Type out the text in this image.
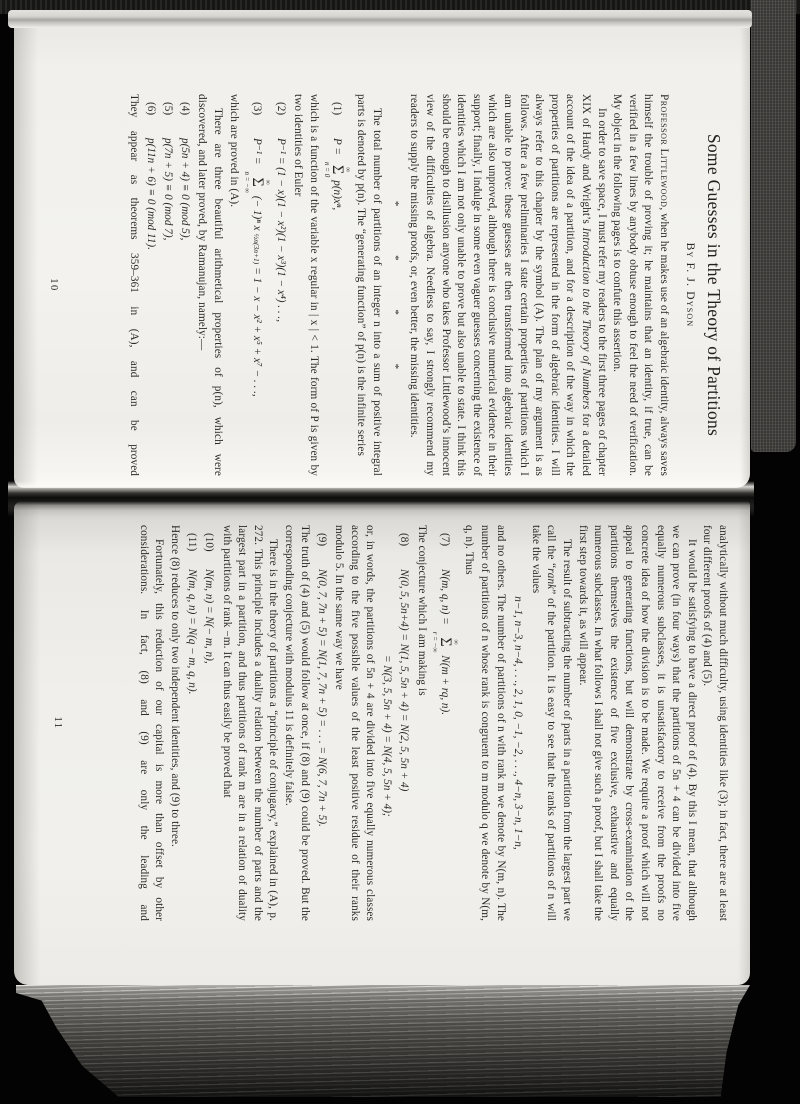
Some Guesses in the Theory of Partitions
By F. J. Dyson

Professor Littlewood, when he makes use of an algebraic identity, always saves himself the trouble of proving it; he maintains that an identity, if true, can be verified in a few lines by anybody obtuse enough to feel the need of verification. My object in the following pages is to confute this assertion.

In order to save space, I must refer my readers to the first three pages of chapter XIX of Hardy and Wright’s Introduction to the Theory of Numbers for a detailed account of the idea of a partition, and for a description of the way in which the properties of partitions are represented in the form of algebraic identities. I will always refer to this chapter by the symbol (A). The plan of my argument is as follows. After a few preliminaries I state certain properties of partitions which I am unable to prove: these guesses are then transformed into algebraic identities which are also unproved, although there is conclusive numerical evidence in their support; finally, I indulge in some even vaguer guesses concerning the existence of identities which I am not only unable to prove but also unable to state. I think this should be enough to disillusion anyone who takes Professor Littlewood’s innocent view of the difficulties of algebra. Needless to say, I strongly recommend my readers to supply the missing proofs, or, even better, the missing identities.

* * * *

The total number of partitions of an integer n into a sum of positive integral parts is denoted by p(n). The “generating function” of p(n) is the infinite series

(1)
P =
∞
Σ
n = 0
p(n)xⁿ,

which is a function of the variable x regular in | x | < 1. The form of P is given by two identities of Euler

(2)
P⁻¹ = (1 − x)(1 − x²)(1 − x³)(1 − x⁴) . . .,
(3)
P⁻¹ =
∞
Σ
n = −∞
(− 1)ⁿ x
½n(3n+1)
= 1 − x − x² + x⁵ + x⁷ − . . .,

which are proved in (A).

There are three beautiful arithmetical properties of p(n), which were discovered, and later proved, by Ramanujan, namely:—

(4)
p(5n + 4) ≡ 0 (mod 5),
(5)
p(7n + 5) ≡ 0 (mod 7),
(6)
p(11n + 6) ≡ 0 (mod 11).

They appear as theorems 359–361 in (A), and can be proved

10

analytically without much difficulty, using identities like (3); in fact, there are at least four different proofs of (4) and (5).

It would be satisfying to have a direct proof of (4). By this I mean, that although we can prove (in four ways) that the partitions of 5n + 4 can be divided into five equally numerous subclasses, it is unsatisfactory to receive from the proofs no concrete idea of how the division is to be made. We require a proof which will not appeal to generating functions, but will demonstrate by cross-examination of the partitions themselves the existence of five exclusive, exhaustive and equally numerous subclasses. In what follows I shall not give such a proof, but I shall take the first step towards it, as will appear.

The result of subtracting the number of parts in a partition from the largest part we call the “rank” of the partition. It is easy to see that the ranks of partitions of n will take the values

n−1, n−3, n−4, . . ., 2, 1, 0, −1, −2, . . ., 4−n, 3−n, 1−n,

and no others. The number of partitions of n with rank m we denote by N(m, n). The number of partitions of n whose rank is congruent to m modulo q we denote by N(m, q, n). Thus

(7)
N(m, q, n) =
∞
Σ
r = −∞
N(m + rq, n).

The conjecture which I am making is

(8)
N(0, 5, 5n+4) = N(1, 5, 5n + 4) = N(2, 5, 5n + 4)
= N(3, 5, 5n + 4) = N(4, 5, 5n + 4);

or, in words, the partitions of 5n + 4 are divided into five equally numerous classes according to the five possible values of the least positive residue of their ranks modulo 5. In the same way we have

(9)
N(0, 7, 7n + 5) = N(1, 7, 7n + 5) = . . . = N(6, 7, 7n + 5).

The truth of (4) and (5) would follow at once, if (8) and (9) could be proved. But the corresponding conjecture with modulus 11 is definitely false.

There is in the theory of partitions a “principle of conjugacy,” explained in (A), p. 272. This principle includes a duality relation between the number of parts and the largest part in a partition, and thus partitions of rank m are in a relation of duality with partitions of rank −m. It can thus easily be proved that

(10)
N(m, n) = N(− m, n),
(11)
N(m, q, n) = N(q − m, q, n).

Hence (8) reduces to only two independent identities, and (9) to three.

Fortunately, this reduction of our capital is more than offset by other considerations. In fact, (8) and (9) are only the leading and

11
